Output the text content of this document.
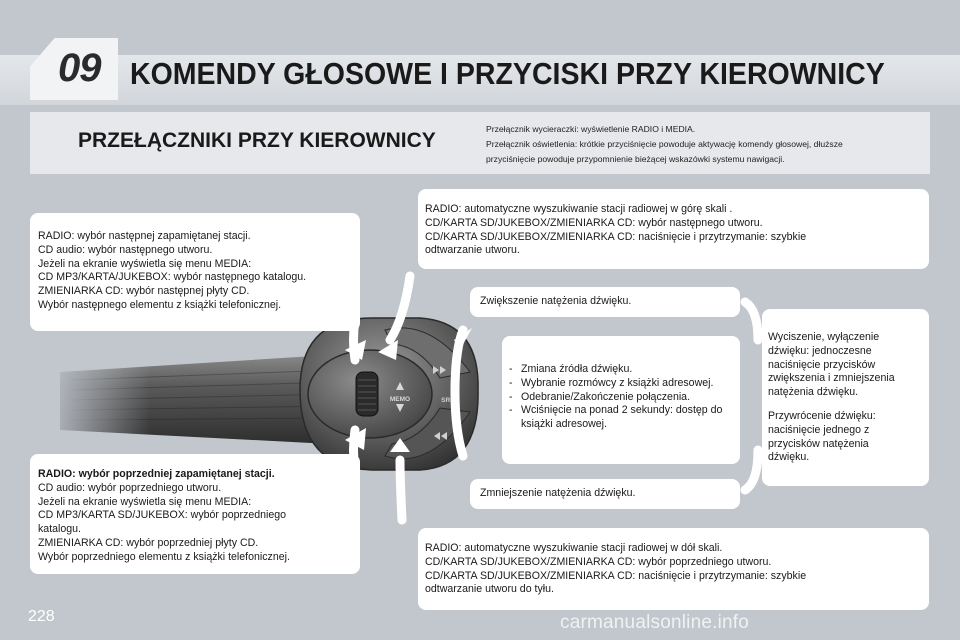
09 KOMENDY GŁOSOWE I PRZYCISKI PRZY KIEROWNICY
PRZEŁĄCZNIKI PRZY KIEROWNICY	Przełącznik wycieraczki: wyświetlenie RADIO i MEDIA.
Przełącznik oświetlenia: krótkie przyciśnięcie powoduje aktywację komendy głosowej, dłuższe
przyciśnięcie powoduje przypomnienie bieżącej wskazówki systemu nawigacji.
MEMO	SRC

RADIO: wybór następnej zapamiętanej stacji.

CD audio: wybór następnego utworu.

Jeżeli na ekranie wyświetla się menu MEDIA:

CD MP3/KARTA/JUKEBOX: wybór następnego katalogu.

ZMIENIARKA CD: wybór następnej płyty CD.

Wybór następnego elementu z książki telefonicznej.

RADIO: wybór poprzedniej zapamiętanej stacji.

CD audio: wybór poprzedniego utworu.

Jeżeli na ekranie wyświetla się menu MEDIA:

CD MP3/KARTA SD/JUKEBOX: wybór poprzedniego

katalogu.

ZMIENIARKA CD: wybór poprzedniej płyty CD.

Wybór poprzedniego elementu z książki telefonicznej.

RADIO: automatyczne wyszukiwanie stacji radiowej w górę skali .

CD/KARTA SD/JUKEBOX/ZMIENIARKA CD: wybór następnego utworu.

CD/KARTA SD/JUKEBOX/ZMIENIARKA CD: naciśnięcie i przytrzymanie: szybkie

odtwarzanie utworu.

RADIO: automatyczne wyszukiwanie stacji radiowej w dół skali.

CD/KARTA SD/JUKEBOX/ZMIENIARKA CD: wybór poprzedniego utworu.

CD/KARTA SD/JUKEBOX/ZMIENIARKA CD: naciśnięcie i przytrzymanie: szybkie

odtwarzanie utworu do tyłu.

Zwiększenie natężenia dźwięku.
Zmniejszenie natężenia dźwięku.

Wyciszenie, wyłączenie

dźwięku: jednoczesne

naciśnięcie przycisków

zwiększenia i zmniejszenia

natężenia dźwięku.

Przywrócenie dźwięku:

naciśnięcie jednego z

przycisków natężenia

dźwięku.

- Zmiana źródła dźwięku.
- Wybranie rozmówcy z książki adresowej.
- Odebranie/Zakończenie połączenia.
- Wciśnięcie na ponad 2 sekundy: dostęp do książki adresowej.
228	carmanualsonline.info
